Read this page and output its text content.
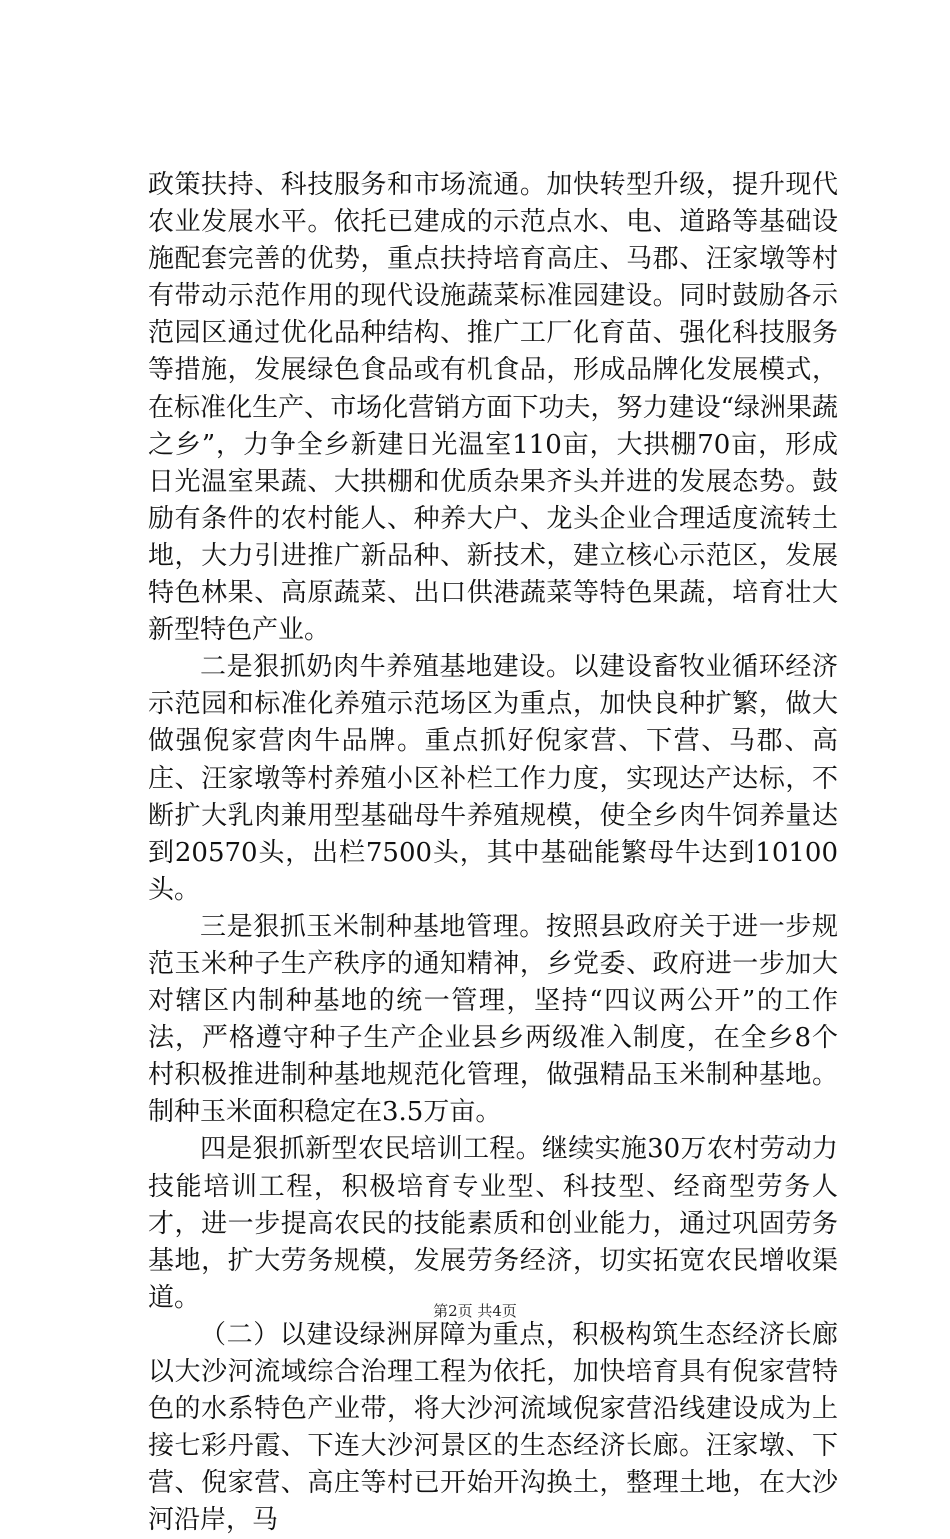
政策扶持、科技服务和市场流通。加快转型升级，提升现代农业发展水平。依托已建成的示范点水、电、道路等基础设施配套完善的优势，重点扶持培育高庄、马郡、汪家墩等村有带动示范作用的现代设施蔬菜标准园建设。同时鼓励各示范园区通过优化品种结构、推广工厂化育苗、强化科技服务等措施，发展绿色食品或有机食品，形成品牌化发展模式，在标准化生产、市场化营销方面下功夫，努力建设“绿洲果蔬之乡”，力争全乡新建日光温室110亩，大拱棚70亩，形成日光温室果蔬、大拱棚和优质杂果齐头并进的发展态势。鼓励有条件的农村能人、种养大户、龙头企业合理适度流转土地，大力引进推广新品种、新技术，建立核心示范区，发展特色林果、高原蔬菜、出口供港蔬菜等特色果蔬，培育壮大新型特色产业。

二是狠抓奶肉牛养殖基地建设。以建设畜牧业循环经济示范园和标准化养殖示范场区为重点，加快良种扩繁，做大做强倪家营肉牛品牌。重点抓好倪家营、下营、马郡、高庄、汪家墩等村养殖小区补栏工作力度，实现达产达标，不断扩大乳肉兼用型基础母牛养殖规模，使全乡肉牛饲养量达到20570头，出栏7500头，其中基础能繁母牛达到10100头。

三是狠抓玉米制种基地管理。按照县政府关于进一步规范玉米种子生产秩序的通知精神，乡党委、政府进一步加大对辖区内制种基地的统一管理，坚持“四议两公开”的工作法，严格遵守种子生产企业县乡两级准入制度，在全乡8个村积极推进制种基地规范化管理，做强精品玉米制种基地。制种玉米面积稳定在3.5万亩。

四是狠抓新型农民培训工程。继续实施30万农村劳动力技能培训工程，积极培育专业型、科技型、经商型劳务人才，进一步提高农民的技能素质和创业能力，通过巩固劳务基地，扩大劳务规模，发展劳务经济，切实拓宽农民增收渠道。

（二）以建设绿洲屏障为重点，积极构筑生态经济长廊以大沙河流域综合治理工程为依托，加快培育具有倪家营特色的水系特色产业带，将大沙河流域倪家营沿线建设成为上接七彩丹霞、下连大沙河景区的生态经济长廊。汪家墩、下营、倪家营、高庄等村已开始开沟换土，整理土地，在大沙河沿岸，马

第2页 共4页
